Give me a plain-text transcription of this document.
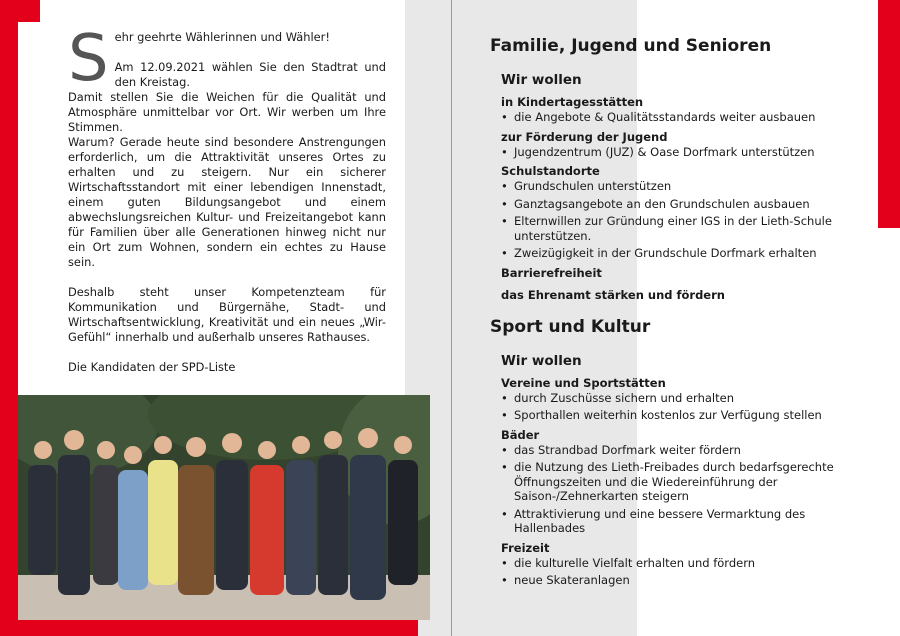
S ehr geehrte Wählerinnen und Wähler!

Am 12.09.2021 wählen Sie den Stadtrat und den Kreistag.

Damit stellen Sie die Weichen für die Qualität und Atmosphäre unmittelbar vor Ort. Wir werben um Ihre Stimmen.

Warum? Gerade heute sind besondere Anstrengungen erforderlich, um die Attraktivität unseres Ortes zu erhalten und zu steigern. Nur ein sicherer Wirtschaftsstandort mit einer lebendigen Innenstadt, einem guten Bildungsangebot und einem abwechslungsreichen Kultur- und Freizeitangebot kann für Familien über alle Generationen hinweg nicht nur ein Ort zum Wohnen, sondern ein echtes zu Hause sein.

Deshalb steht unser Kompetenzteam für Kommunikation und Bürgernähe, Stadt- und Wirtschaftsentwicklung, Kreativität und ein neues „Wir-Gefühl“ innerhalb und außerhalb unseres Rathauses.

Die Kandidaten der SPD-Liste

Familie, Jugend und Senioren
Wir wollen
in Kindertagesstätten
• die Angebote & Qualitätsstandards weiter ausbauen
zur Förderung der Jugend
• Jugendzentrum (JUZ) & Oase Dorfmark unterstützen
Schulstandorte
• Grundschulen unterstützen
• Ganztagsangebote an den Grundschulen ausbauen
• Elternwillen zur Gründung einer IGS in der Lieth-Schule unterstützen.
• Zweizügigkeit in der Grundschule Dorfmark erhalten
Barrierefreiheit
das Ehrenamt stärken und fördern
Sport und Kultur
Wir wollen
Vereine und Sportstätten
• durch Zuschüsse sichern und erhalten
• Sporthallen weiterhin kostenlos zur Verfügung stellen
Bäder
• das Strandbad Dorfmark weiter fördern
• die Nutzung des Lieth-Freibades durch bedarfsgerechte Öffnungszeiten und die Wiedereinführung der Saison-/Zehnerkarten steigern
• Attraktivierung und eine bessere Vermarktung des Hallenbades
Freizeit
• die kulturelle Vielfalt erhalten und fördern
• neue Skateranlagen
